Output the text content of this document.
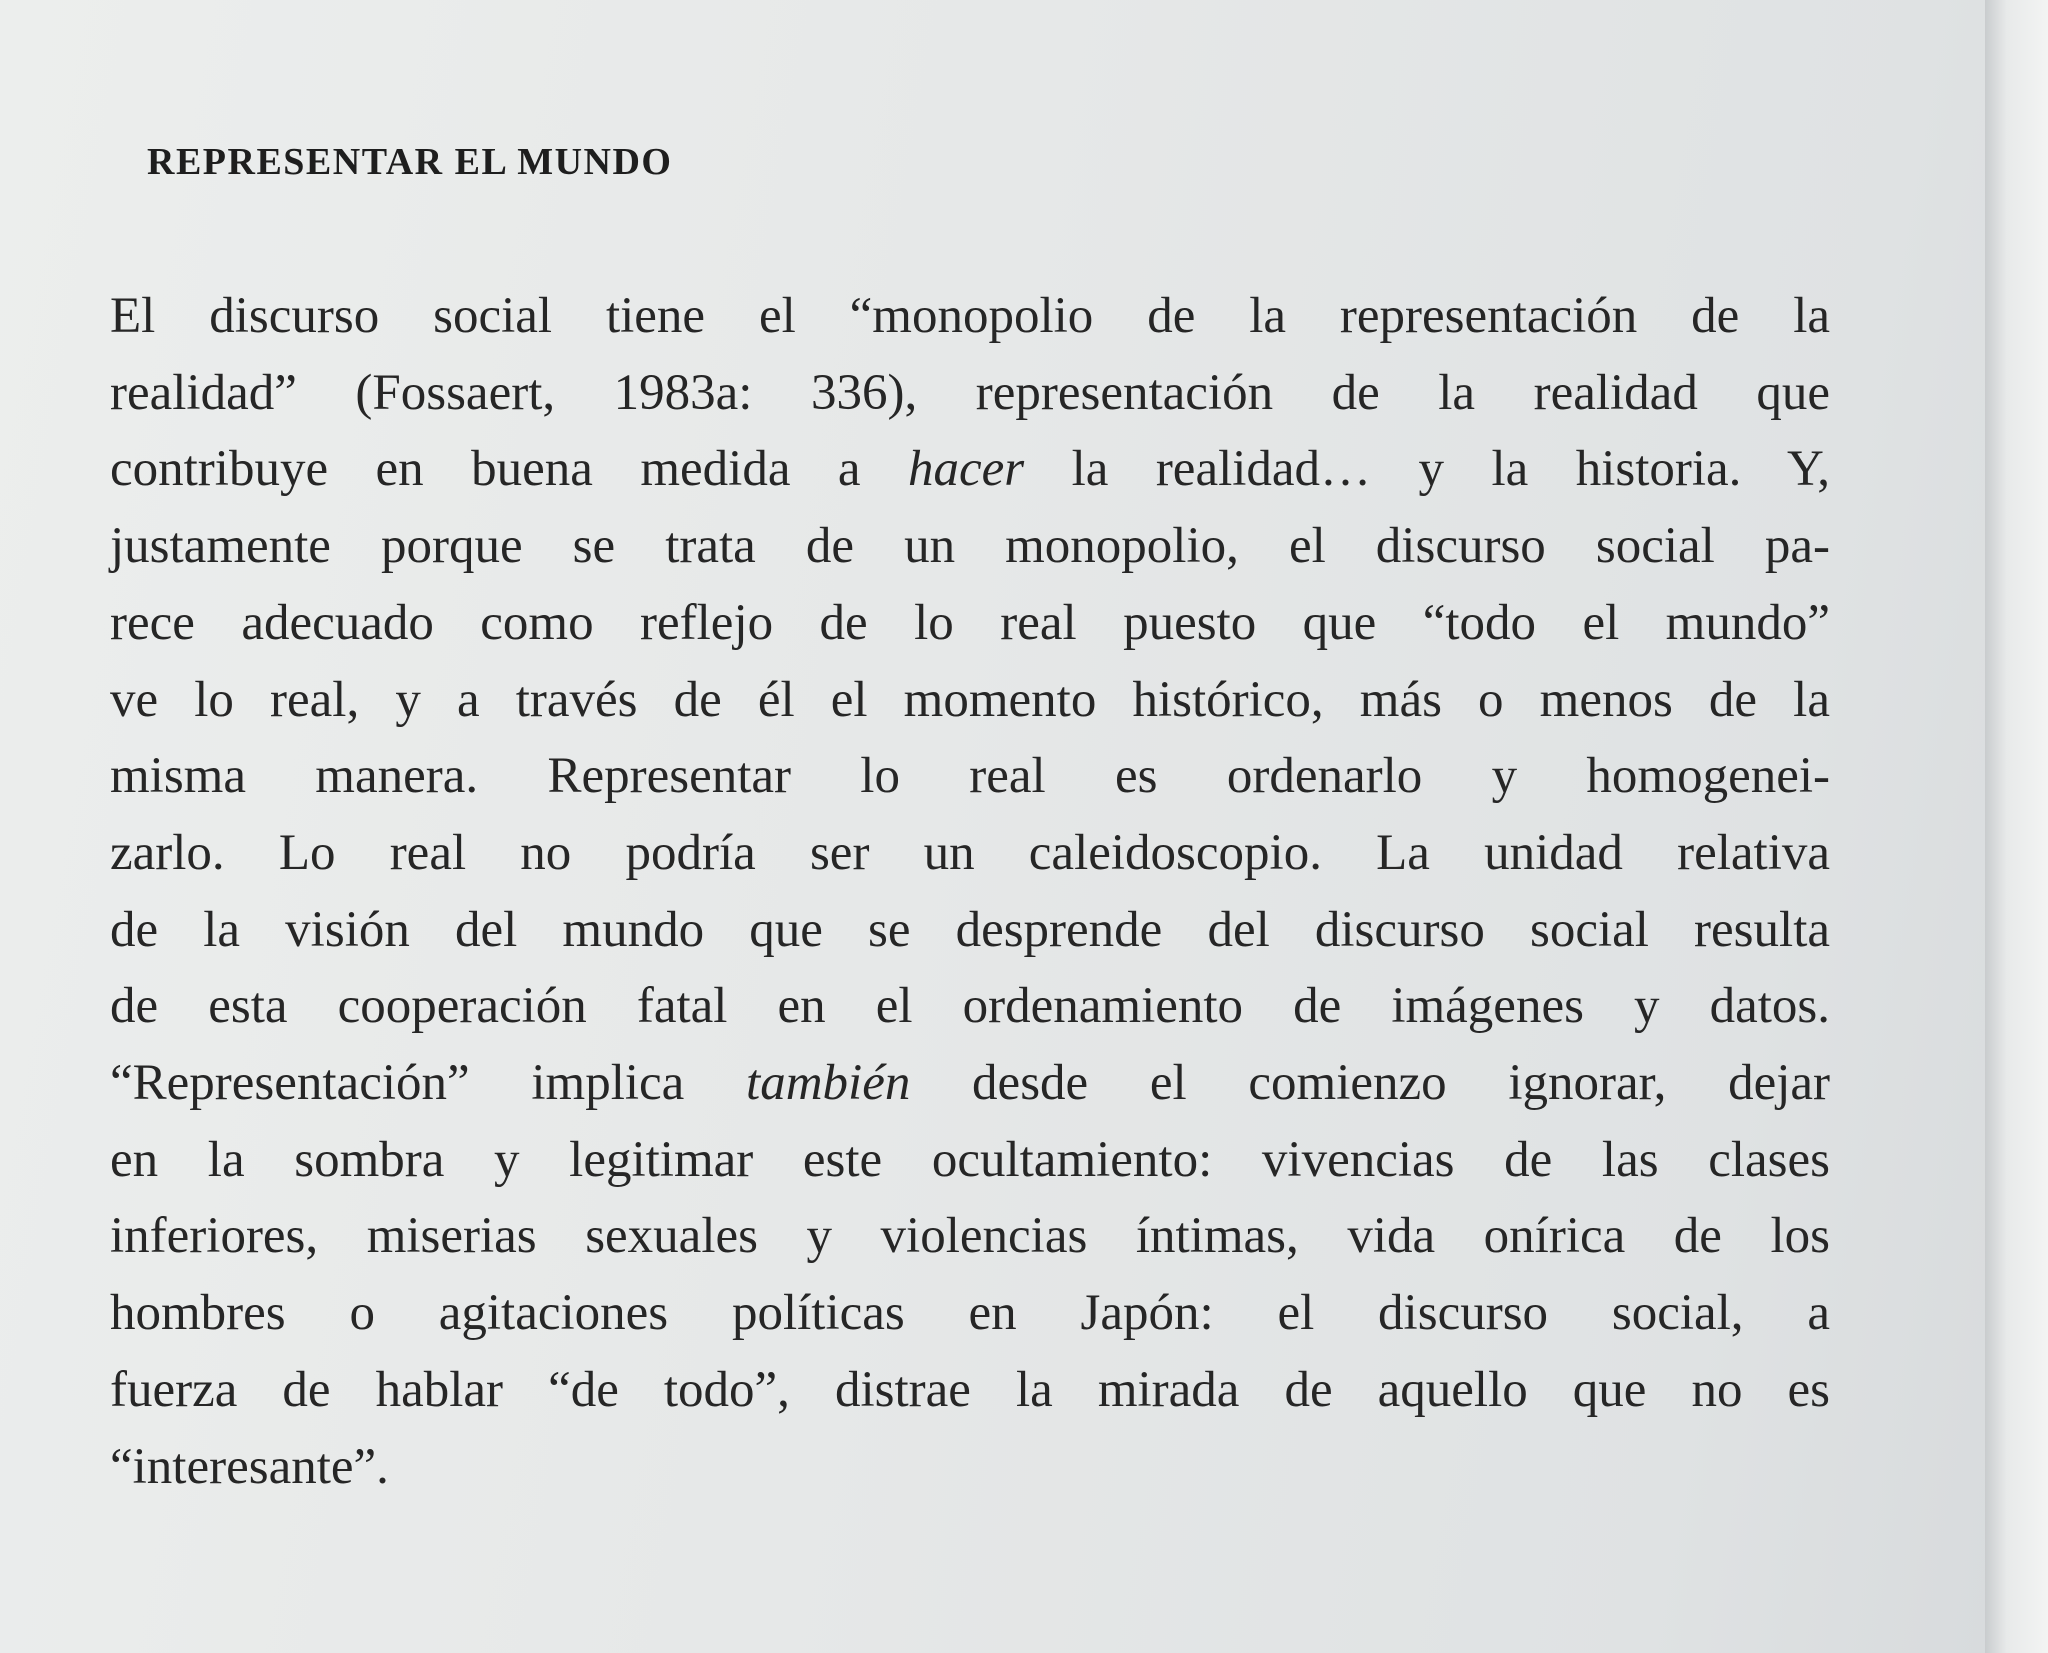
REPRESENTAR EL MUNDO
El discurso social tiene el “monopolio de la representación de la
realidad” (Fossaert, 1983a: 336), representación de la realidad que
contribuye en buena medida a hacer la realidad… y la historia. Y,
justamente porque se trata de un monopolio, el discurso social pa-
rece adecuado como reflejo de lo real puesto que “todo el mundo”
ve lo real, y a través de él el momento histórico, más o menos de la
misma manera. Representar lo real es ordenarlo y homogenei-
zarlo. Lo real no podría ser un caleidoscopio. La unidad relativa
de la visión del mundo que se desprende del discurso social resulta
de esta cooperación fatal en el ordenamiento de imágenes y datos.
“Representación” implica también desde el comienzo ignorar, dejar
en la sombra y legitimar este ocultamiento: vivencias de las clases
inferiores, miserias sexuales y violencias íntimas, vida onírica de los
hombres o agitaciones políticas en Japón: el discurso social, a
fuerza de hablar “de todo”, distrae la mirada de aquello que no es
“interesante”.
